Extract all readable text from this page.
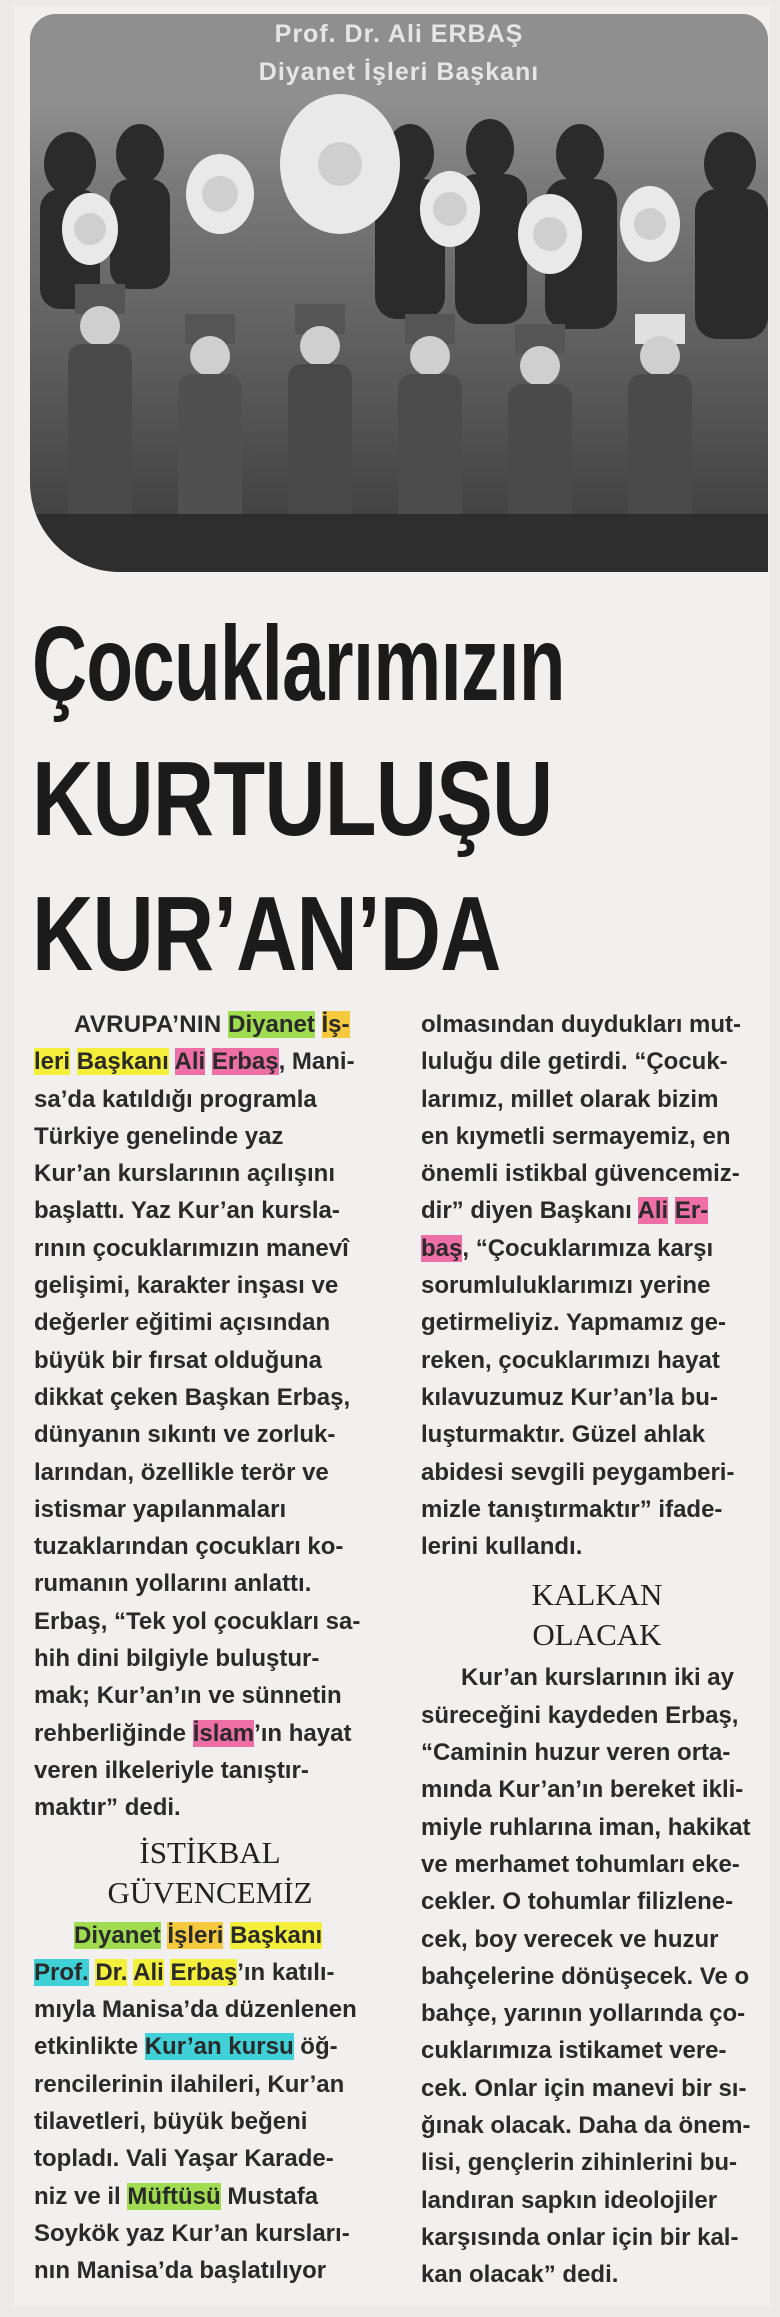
Prof. Dr. Ali ERBAŞ
Diyanet İşleri Başkanı
Çocuklarımızın
KURTULUŞU
KUR’AN’DA

AVRUPA’NIN Diyanet İş-

leri Başkanı Ali Erbaş, Mani-

sa’da katıldığı programla

Türkiye genelinde yaz

Kur’an kurslarının açılışını

başlattı. Yaz Kur’an kursla-

rının çocuklarımızın manevî

gelişimi, karakter inşası ve

değerler eğitimi açısından

büyük bir fırsat olduğuna

dikkat çeken Başkan Erbaş,

dünyanın sıkıntı ve zorluk-

larından, özellikle terör ve

istismar yapılanmaları

tuzaklarından çocukları ko-

rumanın yollarını anlattı.

Erbaş, “Tek yol çocukları sa-

hih dini bilgiyle buluştur-

mak; Kur’an’ın ve sünnetin

rehberliğinde İslam’ın hayat

veren ilkeleriyle tanıştır-

maktır” dedi.

İSTİKBAL
GÜVENCEMİZ

Diyanet İşleri Başkanı

Prof. Dr. Ali Erbaş’ın katılı-

mıyla Manisa’da düzenlenen

etkinlikte Kur’an kursu öğ-

rencilerinin ilahileri, Kur’an

tilavetleri, büyük beğeni

topladı. Vali Yaşar Karade-

niz ve il Müftüsü Mustafa

Soykök yaz Kur’an kursları-

nın Manisa’da başlatılıyor

olmasından duydukları mut-

luluğu dile getirdi. “Çocuk-

larımız, millet olarak bizim

en kıymetli sermayemiz, en

önemli istikbal güvencemiz-

dir” diyen Başkanı Ali Er-

baş, “Çocuklarımıza karşı

sorumluluklarımızı yerine

getirmeliyiz. Yapmamız ge-

reken, çocuklarımızı hayat

kılavuzumuz Kur’an’la bu-

luşturmaktır. Güzel ahlak

abidesi sevgili peygamberi-

mizle tanıştırmaktır” ifade-

lerini kullandı.

KALKAN
OLACAK

Kur’an kurslarının iki ay

süreceğini kaydeden Erbaş,

“Caminin huzur veren orta-

mında Kur’an’ın bereket ikli-

miyle ruhlarına iman, hakikat

ve merhamet tohumları eke-

cekler. O tohumlar filizlene-

cek, boy verecek ve huzur

bahçelerine dönüşecek. Ve o

bahçe, yarının yollarında ço-

cuklarımıza istikamet vere-

cek. Onlar için manevi bir sı-

ğınak olacak. Daha da önem-

lisi, gençlerin zihinlerini bu-

landıran sapkın ideolojiler

karşısında onlar için bir kal-

kan olacak” dedi.
